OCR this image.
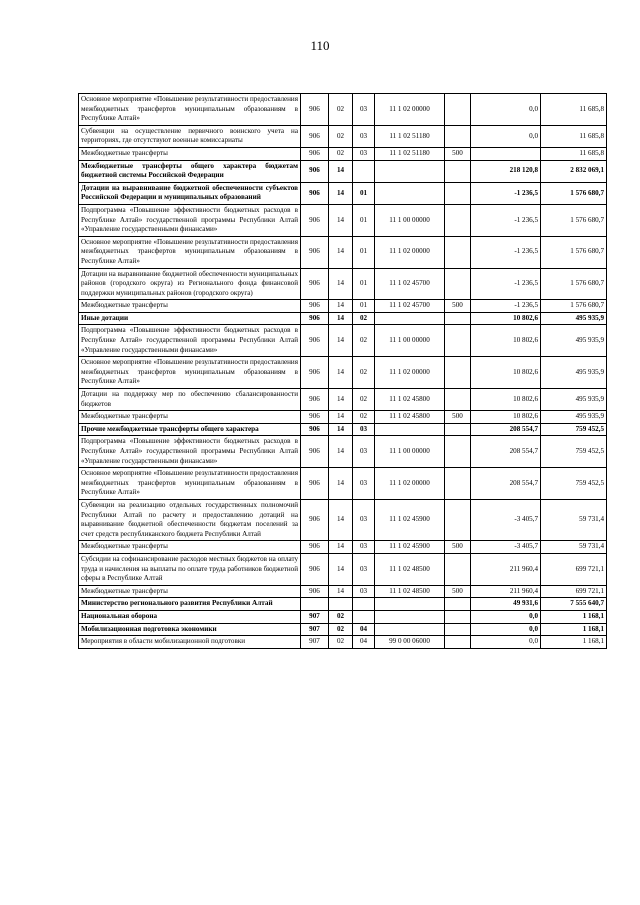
110
Основное мероприятие «Повышение результативности предоставления межбюджетных трансфертов муниципальным образованиям в Республике Алтай»	906	02	03	11 1 02 00000		0,0	11 685,8
Субвенции на осуществление первичного воинского учета на территориях, где отсутствуют военные комиссариаты	906	02	03	11 1 02 51180		0,0	11 685,8
Межбюджетные трансферты	906	02	03	11 1 02 51180	500		11 685,8
Межбюджетные трансферты общего характера бюджетам бюджетной системы Российской Федерации	906	14				218 120,8	2 832 069,1
Дотации на выравнивание бюджетной обеспеченности субъектов Российской Федерации и муниципальных образований	906	14	01			-1 236,5	1 576 680,7
Подпрограмма «Повышение эффективности бюджетных расходов в Республике Алтай» государственной программы Республики Алтай «Управление государственными финансами»	906	14	01	11 1 00 00000		-1 236,5	1 576 680,7
Основное мероприятие «Повышение результативности предоставления межбюджетных трансфертов муниципальным образованиям в Республике Алтай»	906	14	01	11 1 02 00000		-1 236,5	1 576 680,7
Дотации на выравнивание бюджетной обеспеченности муниципальных районов (городского округа) из Регионального фонда финансовой поддержки муниципальных районов (городского округа)	906	14	01	11 1 02 45700		-1 236,5	1 576 680,7
Межбюджетные трансферты	906	14	01	11 1 02 45700	500	-1 236,5	1 576 680,7
Иные дотации	906	14	02			10 802,6	495 935,9
Подпрограмма «Повышение эффективности бюджетных расходов в Республике Алтай» государственной программы Республики Алтай «Управление государственными финансами»	906	14	02	11 1 00 00000		10 802,6	495 935,9
Основное мероприятие «Повышение результативности предоставления межбюджетных трансфертов муниципальным образованиям в Республике Алтай»	906	14	02	11 1 02 00000		10 802,6	495 935,9
Дотации на поддержку мер по обеспечению сбалансированности бюджетов	906	14	02	11 1 02 45800		10 802,6	495 935,9
Межбюджетные трансферты	906	14	02	11 1 02 45800	500	10 802,6	495 935,9
Прочие межбюджетные трансферты общего характера	906	14	03			208 554,7	759 452,5
Подпрограмма «Повышение эффективности бюджетных расходов в Республике Алтай» государственной программы Республики Алтай «Управление государственными финансами»	906	14	03	11 1 00 00000		208 554,7	759 452,5
Основное мероприятие «Повышение результативности предоставления межбюджетных трансфертов муниципальным образованиям в Республике Алтай»	906	14	03	11 1 02 00000		208 554,7	759 452,5
Субвенции на реализацию отдельных государственных полномочий Республики Алтай по расчету и предоставлению дотаций на выравнивание бюджетной обеспеченности бюджетам поселений за счет средств республиканского бюджета Республики Алтай	906	14	03	11 1 02 45900		-3 405,7	59 731,4
Межбюджетные трансферты	906	14	03	11 1 02 45900	500	-3 405,7	59 731,4
Субсидии на софинансирование расходов местных бюджетов на оплату труда и начисления на выплаты по оплате труда работников бюджетной сферы в Республике Алтай	906	14	03	11 1 02 48500		211 960,4	699 721,1
Межбюджетные трансферты	906	14	03	11 1 02 48500	500	211 960,4	699 721,1
Министерство регионального развития Республики Алтай						49 931,6	7 555 640,7
Национальная оборона	907	02				0,0	1 168,1
Мобилизационная подготовка экономики	907	02	04			0,0	1 168,1
Мероприятия в области мобилизационной подготовки	907	02	04	99 0 00 06000		0,0	1 168,1
